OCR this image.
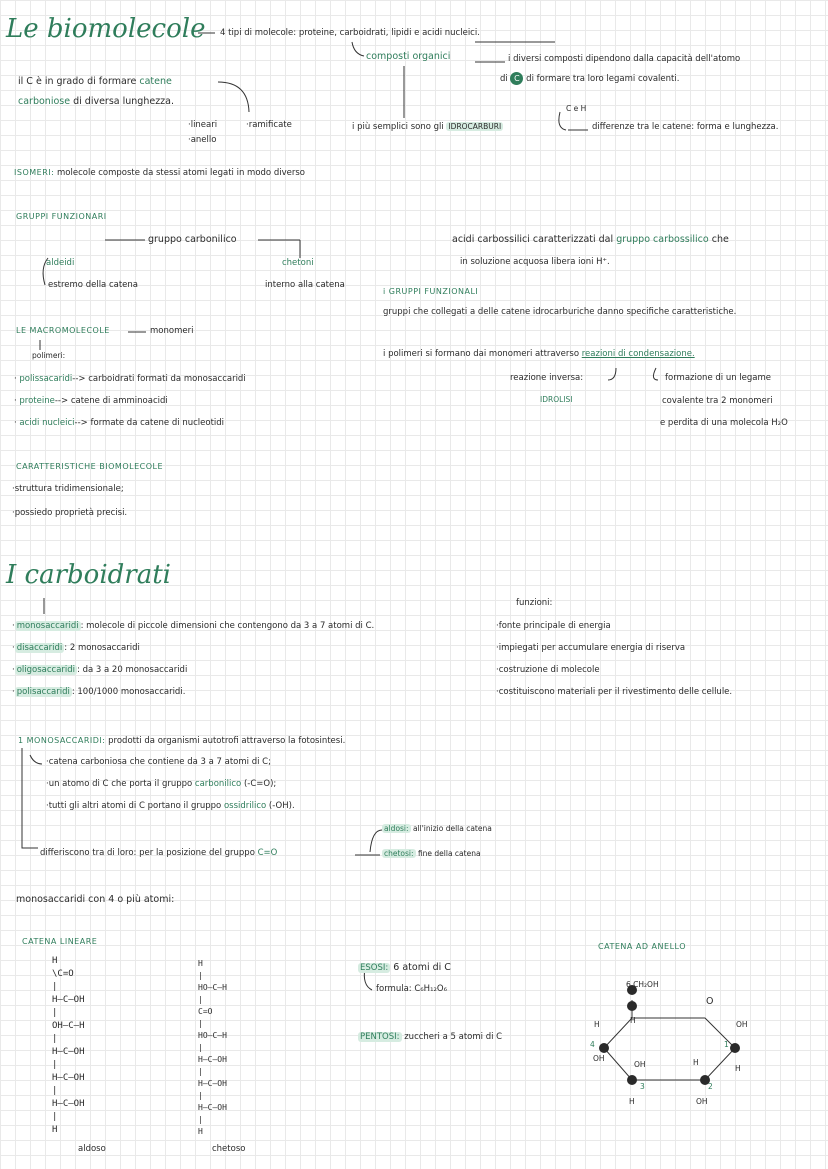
Le biomolecole 4 tipi di molecole: proteine, carboidrati, lipidi e acidi nucleici.
composti organici	i diversi composti dipendono dalla capacità dell'atomo
di C di formare tra loro legami covalenti.
il C è in grado di formare catene
carboniose di diversa lunghezza.
·lineari	·ramificate
·anello
i più semplici sono gli IDROCARBURI
C e H
differenze tra le catene: forma e lunghezza.
ISOMERI: molecole composte da stessi atomi legati in modo diverso
GRUPPI FUNZIONARI
gruppo carbonilico
aldeidi
estremo della catena
chetoni
interno alla catena
acidi carbossilici caratterizzati dal gruppo carbossilico che
in soluzione acquosa libera ioni H⁺.
i GRUPPI FUNZIONALI
gruppi che collegati a delle catene idrocarburiche danno specifiche caratteristiche.
LE MACROMOLECOLE	monomeri
polimeri:
· polissacaridi--> carboidrati formati da monosaccaridi
· proteine--> catene di amminoacidi
· acidi nucleici--> formate da catene di nucleotidi
i polimeri si formano dai monomeri attraverso reazioni di condensazione.
reazione inversa:
IDROLISI
formazione di un legame
covalente tra 2 monomeri
e perdita di una molecola H₂O
CARATTERISTICHE BIOMOLECOLE
·struttura tridimensionale;
·possiedo proprietà precisi.
I carboidrati
· monosaccaridi : molecole di piccole dimensioni che contengono da 3 a 7 atomi di C.
· disaccaridi : 2 monosaccaridi
· oligosaccaridi : da 3 a 20 monosaccaridi
· polisaccaridi : 100/1000 monosaccaridi.
funzioni:
·fonte principale di energia
·impiegati per accumulare energia di riserva
·costruzione di molecole
·costituiscono materiali per il rivestimento delle cellule.
1 MONOSACCARIDI: prodotti da organismi autotrofi attraverso la fotosintesi.
·catena carboniosa che contiene da 3 a 7 atomi di C;
·un atomo di C che porta il gruppo carbonilico (-C=O);
·tutti gli altri atomi di C portano il gruppo ossidrilico (-OH).
differiscono tra di loro: per la posizione del gruppo C=O
aldosi: all'inizio della catena
chetosi: fine della catena
monosaccaridi con 4 o più atomi:
CATENA LINEARE
CATENA AD ANELLO
H
\C=O
|
H—C—OH
|
OH—C—H
|
H—C—OH
|
H—C—OH
|
H—C—OH
|
H
aldoso
H
|
HO—C—H
|
C=O
|
HO—C—H
|
H—C—OH
|
H—C—OH
|
H—C—OH
|
H
chetoso
ESOSI: 6 atomi di C
formula: C₆H₁₂O₆
PENTOSI: zuccheri a 5 atomi di C
6 CH₂OH
O
OH
H
H
OH
H
OH	H
H	OH
1
2
3
4
